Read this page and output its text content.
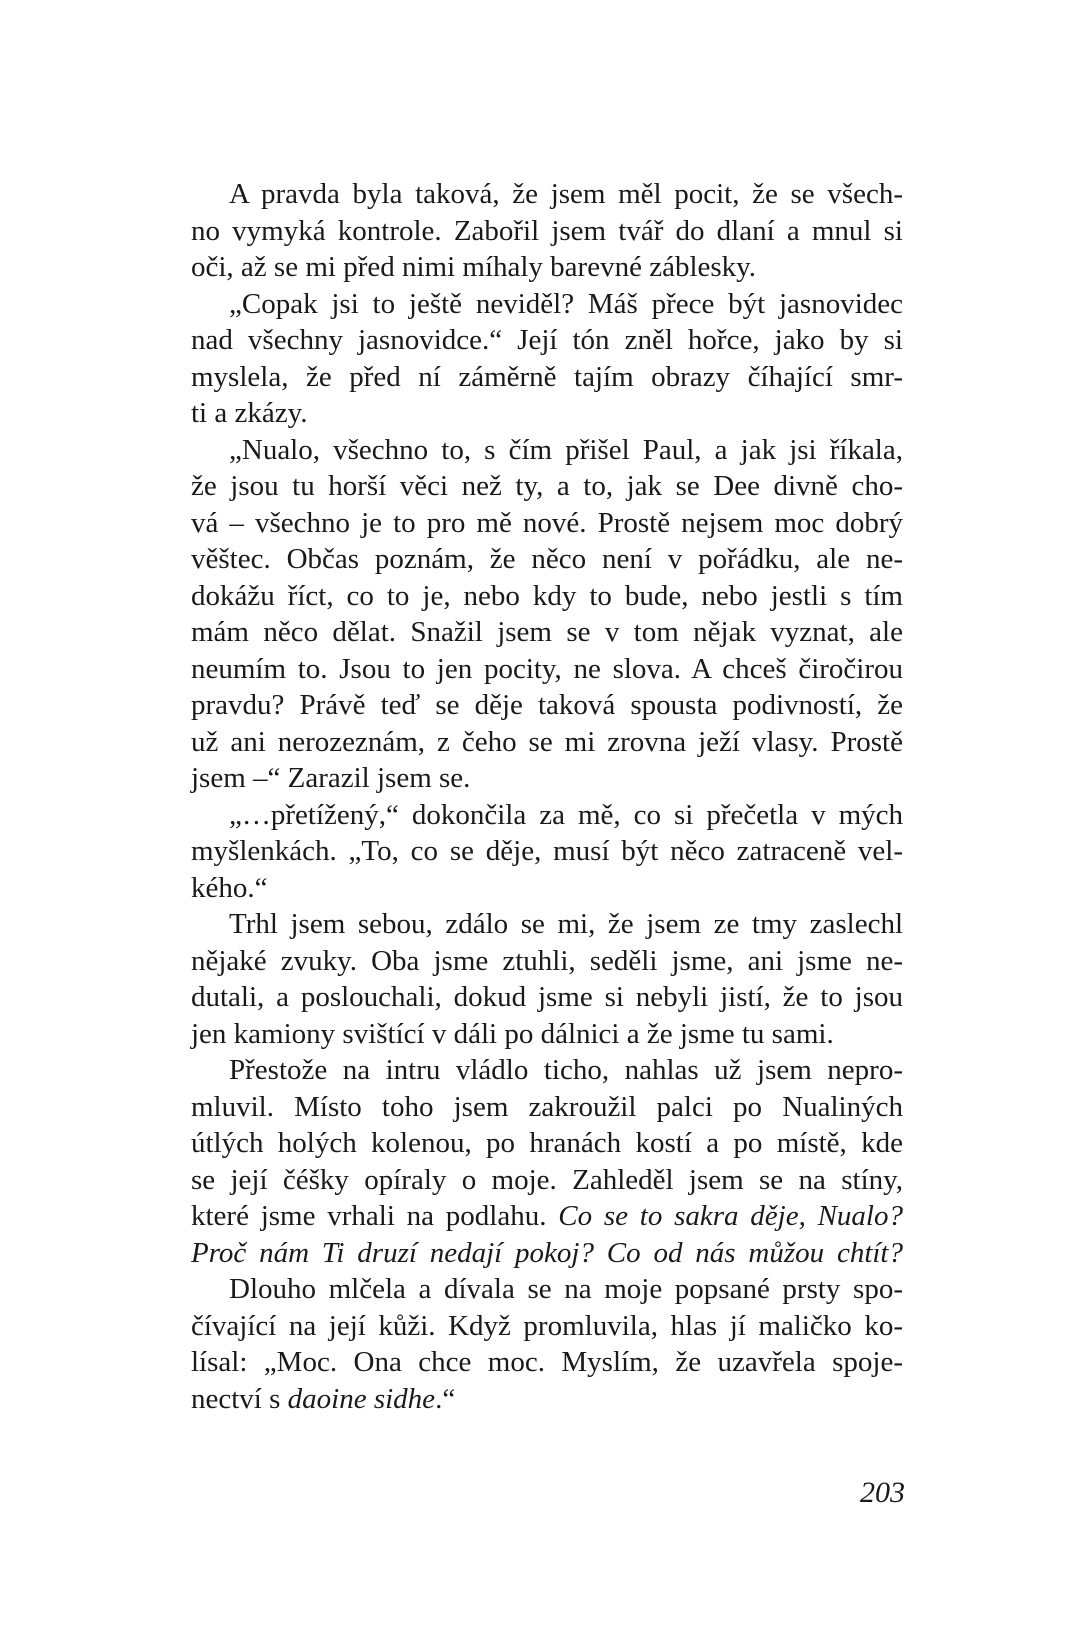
A pravda byla taková, že jsem měl pocit, že se všech-
no vymyká kontrole. Zabořil jsem tvář do dlaní a mnul si
oči, až se mi před nimi míhaly barevné záblesky.
„Copak jsi to ještě neviděl? Máš přece být jasnovidec
nad všechny jasnovidce.“ Její tón zněl hořce, jako by si
myslela, že před ní záměrně tajím obrazy číhající smr-
ti a zkázy.
„Nualo, všechno to, s čím přišel Paul, a jak jsi říkala,
že jsou tu horší věci než ty, a to, jak se Dee divně cho-
vá – všechno je to pro mě nové. Prostě nejsem moc dobrý
věštec. Občas poznám, že něco není v pořádku, ale ne-
dokážu říct, co to je, nebo kdy to bude, nebo jestli s tím
mám něco dělat. Snažil jsem se v tom nějak vyznat, ale
neumím to. Jsou to jen pocity, ne slova. A chceš čiročirou
pravdu? Právě teď se děje taková spousta podivností, že
už ani nerozeznám, z čeho se mi zrovna ježí vlasy. Prostě
jsem –“ Zarazil jsem se.
„…přetížený,“ dokončila za mě, co si přečetla v mých
myšlenkách. „To, co se děje, musí být něco zatraceně vel-
kého.“
Trhl jsem sebou, zdálo se mi, že jsem ze tmy zaslechl
nějaké zvuky. Oba jsme ztuhli, seděli jsme, ani jsme ne-
dutali, a poslouchali, dokud jsme si nebyli jistí, že to jsou
jen kamiony svištící v dáli po dálnici a že jsme tu sami.
Přestože na intru vládlo ticho, nahlas už jsem nepro-
mluvil. Místo toho jsem zakroužil palci po Nualiných
útlých holých kolenou, po hranách kostí a po místě, kde
se její čéšky opíraly o moje. Zahleděl jsem se na stíny,
které jsme vrhali na podlahu. Co se to sakra děje, Nualo?
Proč nám Ti druzí nedají pokoj? Co od nás můžou chtít?
Dlouho mlčela a dívala se na moje popsané prsty spo-
čívající na její kůži. Když promluvila, hlas jí maličko ko-
lísal: „Moc. Ona chce moc. Myslím, že uzavřela spoje-
nectví s daoine sidhe.“
203
